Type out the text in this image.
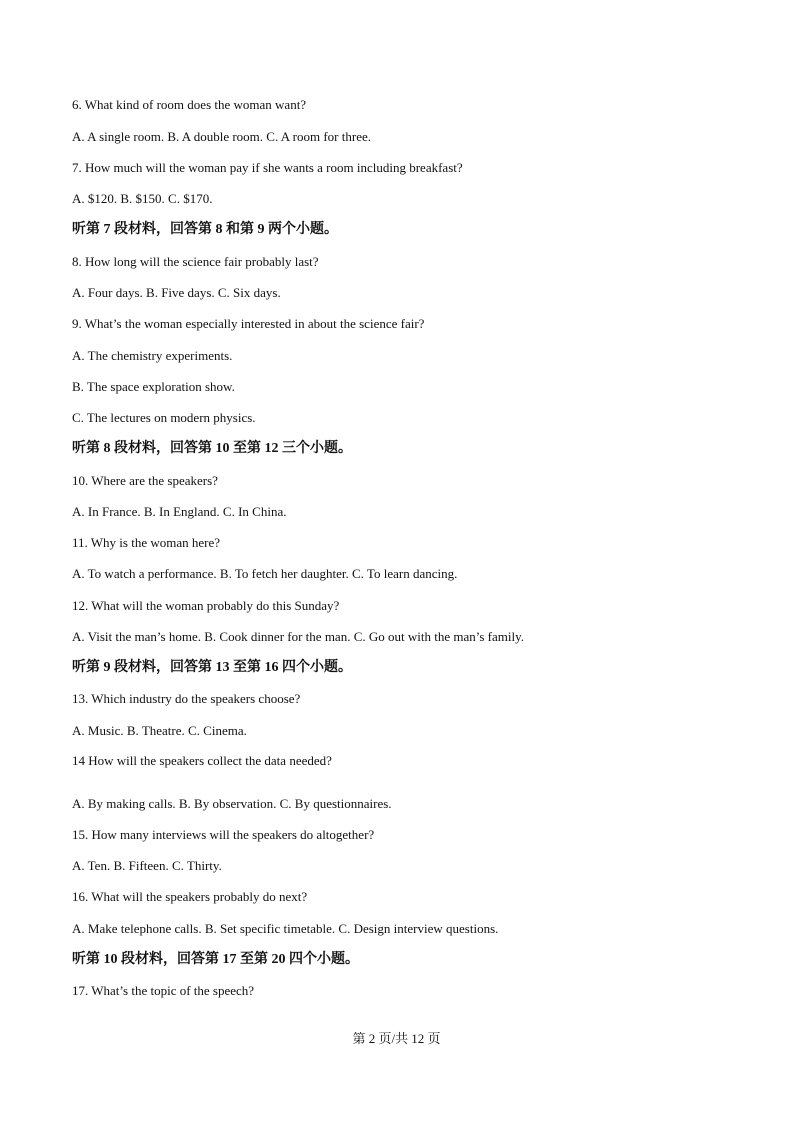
6. What kind of room does the woman want?
A. A single room. B. A double room. C. A room for three.
7. How much will the woman pay if she wants a room including breakfast?
A. $120. B. $150. C. $170.
听第 7 段材料，回答第 8 和第 9 两个小题。
8. How long will the science fair probably last?
A. Four days. B. Five days. C. Six days.
9. What’s the woman especially interested in about the science fair?
A. The chemistry experiments.
B. The space exploration show.
C. The lectures on modern physics.
听第 8 段材料，回答第 10 至第 12 三个小题。
10. Where are the speakers?
A. In France. B. In England. C. In China.
11. Why is the woman here?
A. To watch a performance. B. To fetch her daughter. C. To learn dancing.
12. What will the woman probably do this Sunday?
A. Visit the man’s home. B. Cook dinner for the man. C. Go out with the man’s family.
听第 9 段材料，回答第 13 至第 16 四个小题。
13. Which industry do the speakers choose?
A. Music. B. Theatre. C. Cinema.
14 How will the speakers collect the data needed?
A. By making calls. B. By observation. C. By questionnaires.
15. How many interviews will the speakers do altogether?
A. Ten. B. Fifteen. C. Thirty.
16. What will the speakers probably do next?
A. Make telephone calls. B. Set specific timetable. C. Design interview questions.
听第 10 段材料，回答第 17 至第 20 四个小题。
17. What’s the topic of the speech?
第 2 页/共 12 页
